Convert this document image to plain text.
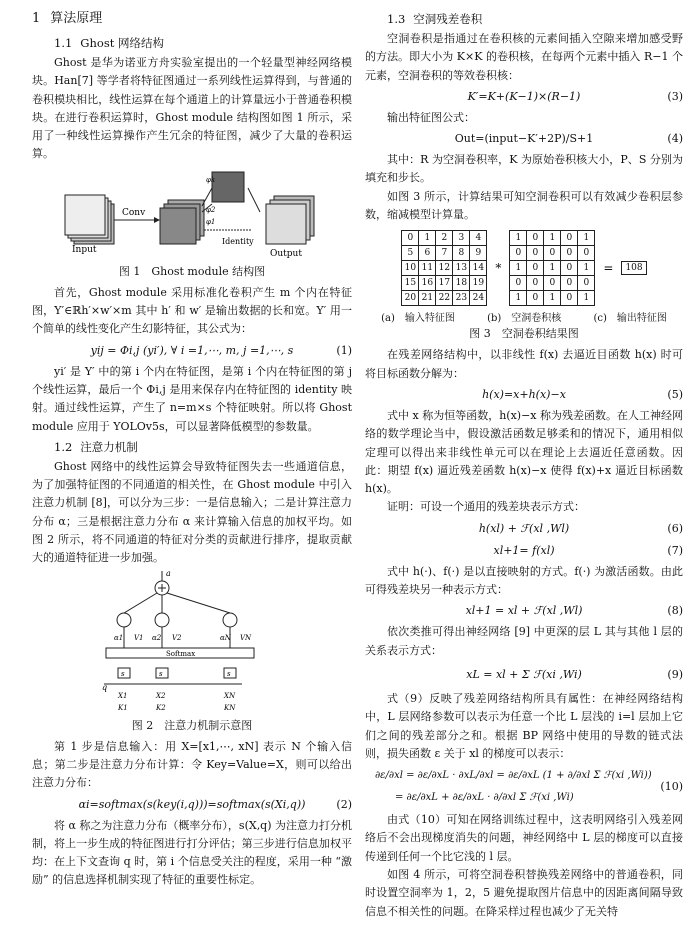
1 算法原理
1.1 Ghost 网络结构

Ghost 是华为诺亚方舟实验室提出的一个轻量型神经网络模块。Han[7] 等学者将特征图通过一系列线性运算得到，与普通的卷积模块相比，线性运算在每个通道上的计算量远小于普通卷积模块。在进行卷积运算时，Ghost module 结构图如图 1 所示，采用了一种线性运算操作产生冗余的特征图，减少了大量的卷积运算。

Input
Conv
φk
φ2
φ1
Identity
Output
图 1　Ghost module 结构图

首先，Ghost module 采用标准化卷积产生 m 个内在特征图，Y′∈ℝh′×w′×m 其中 h′ 和 w′ 是输出数据的长和宽。Y′ 用一个简单的线性变化产生幻影特征，其公式为：

yij = Φi,j (yi′), ∀ i =1,⋯, m, j =1,⋯, s	(1)

yi′ 是 Y′ 中的第 i 个内在特征图，是第 i 个内在特征图的第 j 个线性运算，最后一个 Φi,j 是用来保存内在特征图的 identity 映射。通过线性运算，产生了 n=m×s 个特征映射。所以将 Ghost module 应用于 YOLOv5s，可以显著降低模型的参数量。

1.2 注意力机制

Ghost 网络中的线性运算会导致特征图失去一些通道信息，为了加强特征图的不同通道的相关性，在 Ghost module 中引入注意力机制 [8]，可以分为三步：一是信息输入；二是计算注意力分布 α；三是根据注意力分布 α 来计算输入信息的加权平均。如图 2 所示，将不同通道的特征对分类的贡献进行排序，提取贡献大的通道特征进一步加强。

a
α1	α2	αN
V1	V2	VN
Softmax
s	s	s
q
X1	X2	XN
K1	K2	KN
图 2　注意力机制示意图

第 1 步是信息输入：用 X=[x1,⋯, xN] 表示 N 个输入信息；第二步是注意力分布计算：令 Key=Value=X，则可以给出注意力分布：

αi=softmax(s(key(i,q)))=softmax(s(Xi,q))	(2)

将 α 称之为注意力分布（概率分布），s(X,q) 为注意力打分机制，将上一步生成的特征图进行打分评估；第三步进行信息加权平均：在上下文查询 q 时，第 i 个信息受关注的程度，采用一种 “激励” 的信息选择机制实现了特征的重要性标定。

1.3 空洞残差卷积

空洞卷积是指通过在卷积核的元素间插入空隙来增加感受野的方法。即大小为 K×K 的卷积核，在每两个元素中插入 R−1 个元素，空洞卷积的等效卷积核：

K′=K+(K−1)×(R−1)	(3)

输出特征图公式：

Out=(input−K′+2P)/S+1	(4)

其中：R 为空洞卷积率，K 为原始卷积核大小，P、S 分别为填充和步长。

如图 3 所示，计算结果可知空洞卷积可以有效减少卷积层参数，缩减模型计算量。

0	1	2	3	4
5	6	7	8	9
10	11	12	13	14
15	16	17	18	19
20	21	22	23	24
*
1	0	1	0	1
0	0	0	0	0
1	0	1	0	1
0	0	0	0	0
1	0	1	0	1
=	108
(a)　输入特征图	(b)　空洞卷积核	(c)　输出特征图
图 3　空洞卷积结果图

在残差网络结构中，以非线性 f(x) 去逼近目函数 h(x) 时可将目标函数分解为：

h(x)=x+h(x)−x	(5)

式中 x 称为恒等函数，h(x)−x 称为残差函数。在人工神经网络的数学理论当中，假设激活函数足够柔和的情况下，通用相似定理可以得出来非线性单元可以在理论上去逼近任意函数。因此：期望 f(x) 逼近残差函数 h(x)−x 使得 f(x)+x 逼近目标函数 h(x)。

证明：可设一个通用的残差块表示方式：

h(xl) + ℱ(xl ,Wl)	(6)
xl+1= f(xl)	(7)

式中 h(·)、f(·) 是以直接映射的方式。f(·) 为激活函数。由此可得残差块另一种表示方式：

xl+1 = xl + ℱ(xl ,Wl)	(8)

依次类推可得出神经网络 [9] 中更深的层 L 其与其他 l 层的关系表示方式：

xL = xl + Σ ℱ(xi ,Wi)	(9)

式（9）反映了残差网络结构所具有属性：在神经网络结构中，L 层网络参数可以表示为任意一个比 L 层浅的 i=l 层加上它们之间的残差部分之和。根据 BP 网络中使用的导数的链式法则，损失函数 ε 关于 xl 的梯度可以表示：

∂ε/∂xl = ∂ε/∂xL · ∂xL/∂xl = ∂ε/∂xL (1 + ∂/∂xl Σ ℱ(xi ,Wi))
= ∂ε/∂xL + ∂ε/∂xL · ∂/∂xl Σ ℱ(xi ,Wi)
(10)

由式（10）可知在网络训练过程中，这表明网络引入残差网络后不会出现梯度消失的问题，神经网络中 L 层的梯度可以直接传递到任何一个比它浅的 l 层。

如图 4 所示，可将空洞卷积替换残差网络中的普通卷积，同时设置空洞率为 1，2，5 避免提取图片信息中的因距离间隔导致信息不相关性的问题。在降采样过程也减少了无关特
